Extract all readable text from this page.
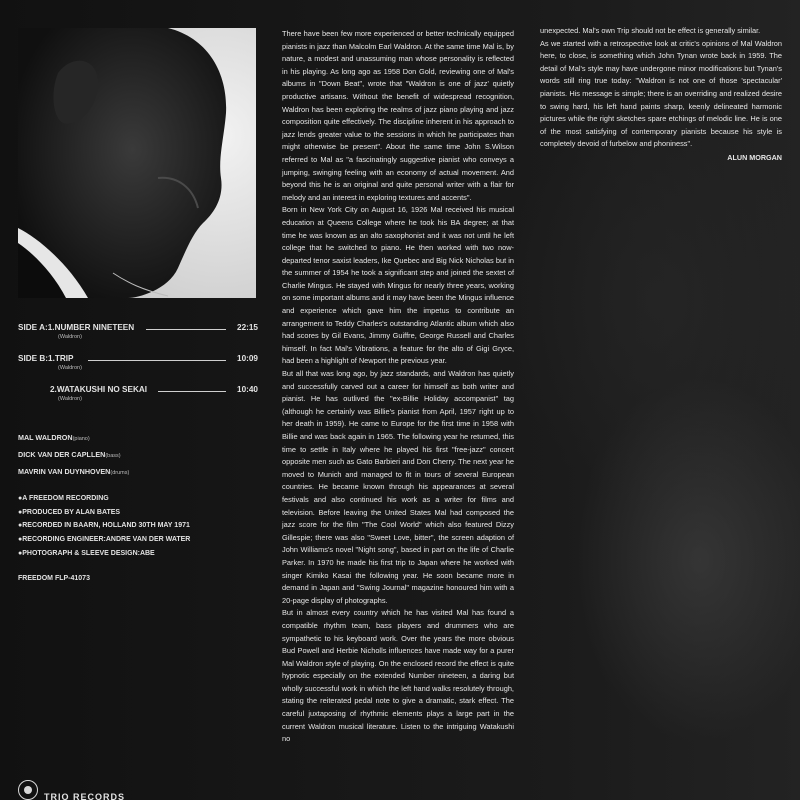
SIDE A:1.NUMBER NINETEEN	22:15
(Waldron)
SIDE B:1.TRIP	10:09
(Waldron)
2.WATAKUSHI NO SEKAI	10:40
(Waldron)
MAL WALDRON(piano)
DICK VAN DER CAPLLEN(bass)
MAVRIN VAN DUYNHOVEN(drums)
●A FREEDOM RECORDING
●PRODUCED BY ALAN BATES
●RECORDED IN BAARN, HOLLAND 30TH MAY 1971
●RECORDING ENGINEER:ANDRE VAN DER WATER
●PHOTOGRAPH & SLEEVE DESIGN:ABE
FREEDOM FLP-41073
TRIO RECORDS

There have been few more experienced or better technically equipped pianists in jazz than Malcolm Earl Waldron. At the same time Mal is, by nature, a modest and unassuming man whose personality is reflected in his playing. As long ago as 1958 Don Gold, reviewing one of Mal's albums in "Down Beat", wrote that "Waldron is one of jazz' quietly productive artisans. Without the benefit of widespread recognition, Waldron has been exploring the realms of jazz piano playing and jazz composition quite effectively. The discipline inherent in his approach to jazz lends greater value to the sessions in which he participates than might otherwise be present". About the same time John S.Wilson referred to Mal as "a fascinatingly suggestive pianist who conveys a jumping, swinging feeling with an economy of actual movement. And beyond this he is an original and quite personal writer with a flair for melody and an interest in exploring textures and accents".

Born in New York City on August 16, 1926 Mal received his musical education at Queens College where he took his BA degree; at that time he was known as an alto saxophonist and it was not until he left college that he switched to piano. He then worked with two now-departed tenor saxist leaders, Ike Quebec and Big Nick Nicholas but in the summer of 1954 he took a significant step and joined the sextet of Charlie Mingus. He stayed with Mingus for nearly three years, working on some important albums and it may have been the Mingus influence and experience which gave him the impetus to contribute an arrangement to Teddy Charles's outstanding Atlantic album which also had scores by Gil Evans, Jimmy Guiffre, George Russell and Charles himself. In fact Mal's Vibrations, a feature for the alto of Gigi Gryce, had been a highlight of Newport the previous year.

But all that was long ago, by jazz standards, and Waldron has quietly and successfully carved out a career for himself as both writer and pianist. He has outlived the "ex-Billie Holiday accompanist" tag (although he certainly was Billie's pianist from April, 1957 right up to her death in 1959). He came to Europe for the first time in 1958 with Billie and was back again in 1965. The following year he returned, this time to settle in Italy where he played his first "free-jazz" concert opposite men such as Gato Barbieri and Don Cherry. The next year he moved to Munich and managed to fit in tours of several European countries. He became known through his appearances at several festivals and also continued his work as a writer for films and television. Before leaving the United States Mal had composed the jazz score for the film "The Cool World" which also featured Dizzy Gillespie; there was also "Sweet Love, bitter", the screen adaption of John Williams's novel "Night song", based in part on the life of Charlie Parker. In 1970 he made his first trip to Japan where he worked with singer Kimiko Kasai the following year. He soon became more in demand in Japan and "Swing Journal" magazine honoured him with a 20-page display of photographs.

But in almost every country which he has visited Mal has found a compatible rhythm team, bass players and drummers who are sympathetic to his keyboard work. Over the years the more obvious Bud Powell and Herbie Nicholls influences have made way for a purer Mal Waldron style of playing. On the enclosed record the effect is quite hypnotic especially on the extended Number nineteen, a daring but wholly successful work in which the left hand walks resolutely through, stating the reiterated pedal note to give a dramatic, stark effect. The careful juxtaposing of rhythmic elements plays a large part in the current Waldron musical literature. Listen to the intriguing Watakushi no

unexpected. Mal's own Trip should not be effect is generally similar.

As we started with a retrospective look at critic's opinions of Mal Waldron here, to close, is something which John Tynan wrote back in 1959. The detail of Mal's style may have undergone minor modifications but Tynan's words still ring true today: "Waldron is not one of those 'spectacular' pianists. His message is simple; there is an overriding and realized desire to swing hard, his left hand paints sharp, keenly delineated harmonic pictures while the right sketches spare etchings of melodic line. He is one of the most satisfying of contemporary pianists because his style is completely devoid of furbelow and phoniness".

ALUN MORGAN
